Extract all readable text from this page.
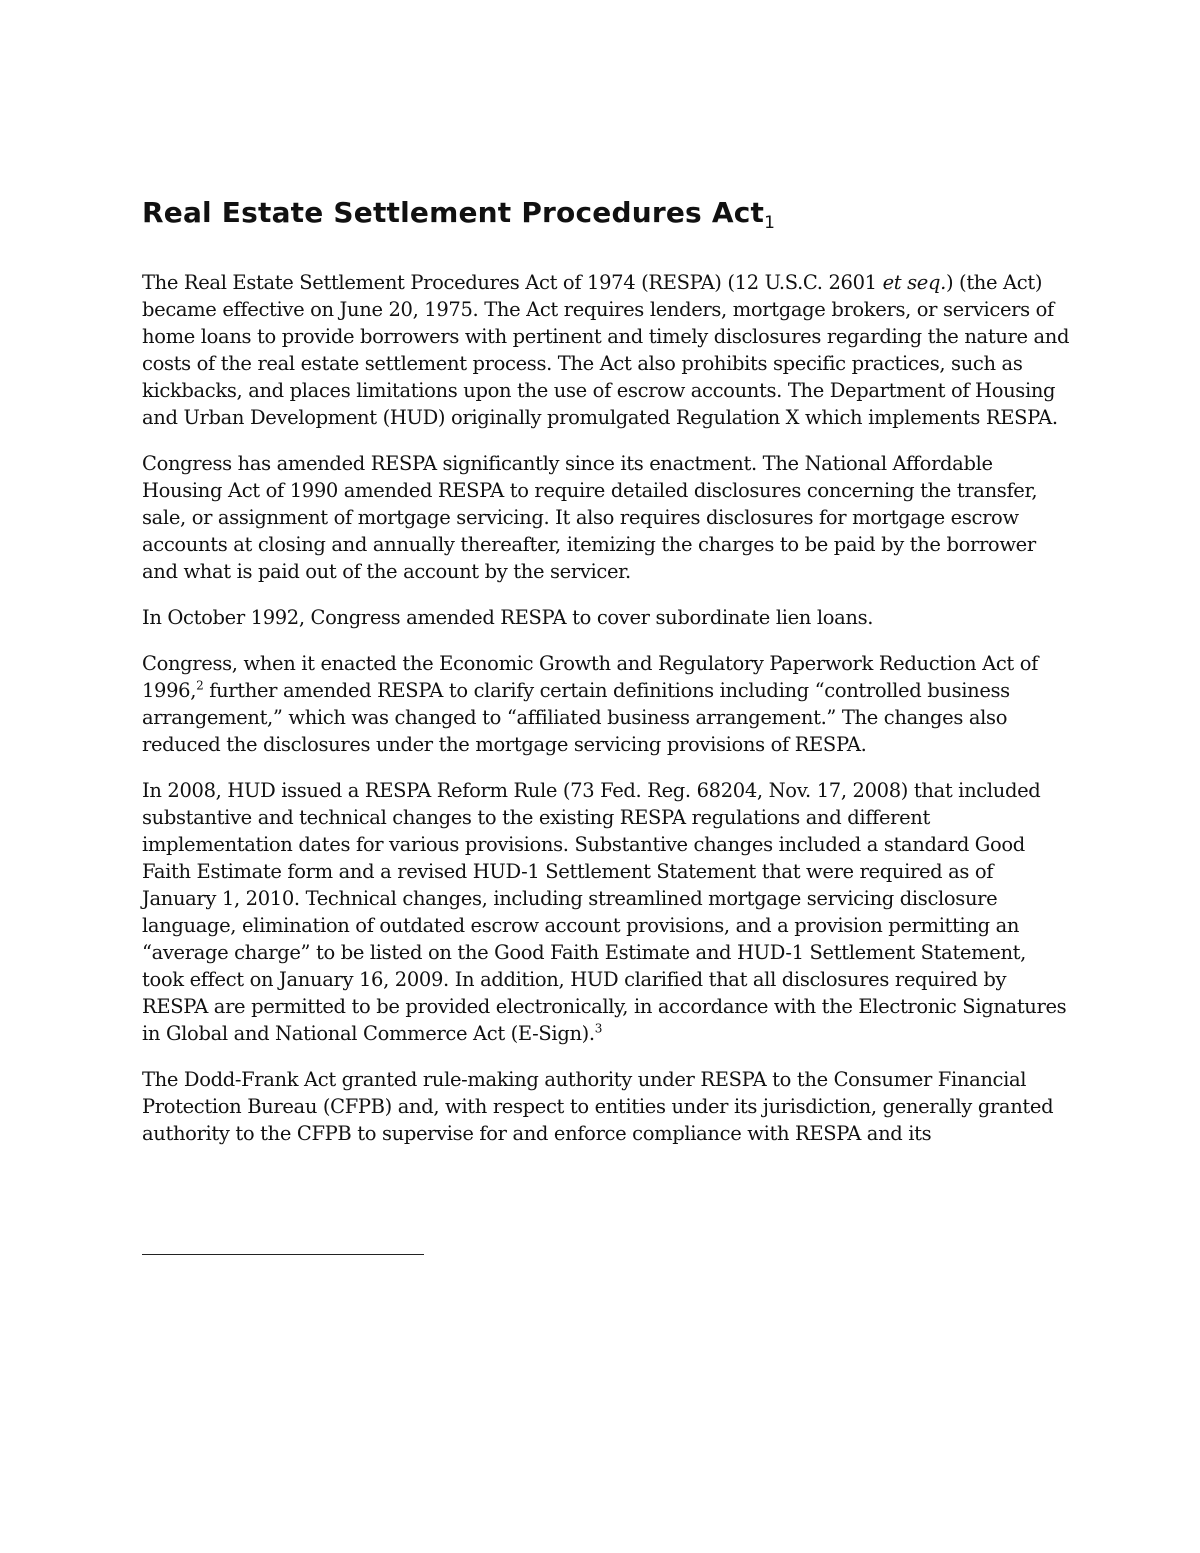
Real Estate Settlement Procedures Act$_1$

The Real Estate Settlement Procedures Act of 1974 (RESPA) (12 U.S.C. 2601 et seq.) (the Act) became effective on June 20, 1975. The Act requires lenders, mortgage brokers, or servicers of home loans to provide borrowers with pertinent and timely disclosures regarding the nature and costs of the real estate settlement process. The Act also prohibits specific practices, such as kickbacks, and places limitations upon the use of escrow accounts. The Department of Housing and Urban Development (HUD) originally promulgated Regulation X which implements RESPA.

Congress has amended RESPA significantly since its enactment. The National Affordable Housing Act of 1990 amended RESPA to require detailed disclosures concerning the transfer, sale, or assignment of mortgage servicing. It also requires disclosures for mortgage escrow accounts at closing and annually thereafter, itemizing the charges to be paid by the borrower and what is paid out of the account by the servicer.

In October 1992, Congress amended RESPA to cover subordinate lien loans.

Congress, when it enacted the Economic Growth and Regulatory Paperwork Reduction Act of 1996,$^2$ further amended RESPA to clarify certain definitions including “controlled business arrangement,” which was changed to “affiliated business arrangement.” The changes also reduced the disclosures under the mortgage servicing provisions of RESPA.

In 2008, HUD issued a RESPA Reform Rule (73 Fed. Reg. 68204, Nov. 17, 2008) that included substantive and technical changes to the existing RESPA regulations and different implementation dates for various provisions. Substantive changes included a standard Good Faith Estimate form and a revised HUD-1 Settlement Statement that were required as of January 1, 2010. Technical changes, including streamlined mortgage servicing disclosure language, elimination of outdated escrow account provisions, and a provision permitting an “average charge” to be listed on the Good Faith Estimate and HUD-1 Settlement Statement, took effect on January 16, 2009. In addition, HUD clarified that all disclosures required by RESPA are permitted to be provided electronically, in accordance with the Electronic Signatures in Global and National Commerce Act (E-Sign).$^3$

The Dodd-Frank Act granted rule-making authority under RESPA to the Consumer Financial Protection Bureau (CFPB) and, with respect to entities under its jurisdiction, generally granted authority to the CFPB to supervise for and enforce compliance with RESPA and its
